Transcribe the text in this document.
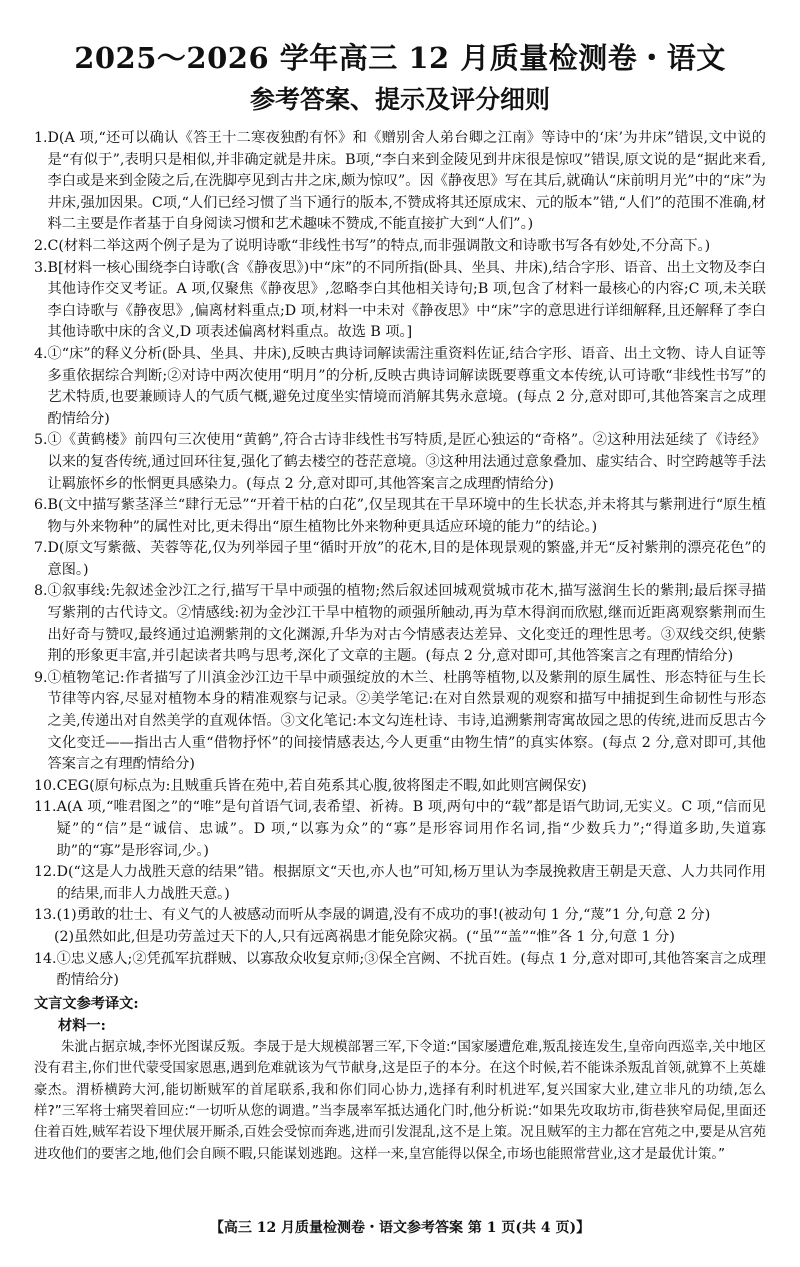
2025～2026 学年高三 12 月质量检测卷・语文
参考答案、提示及评分细则
1. D(A 项,“还可以确认《答王十二寒夜独酌有怀》和《赠别舍人弟台卿之江南》等诗中的‘床’为井床”错误,文中说的是“有似于”,表明只是相似,并非确定就是井床。B项,“李白来到金陵见到井床很是惊叹”错误,原文说的是“据此来看,李白或是来到金陵之后,在洗脚亭见到古井之床,颇为惊叹”。因《静夜思》写在其后,就确认“床前明月光”中的“床”为井床,强加因果。C项,“人们已经习惯了当下通行的版本,不赞成将其还原成宋、元的版本”错,“人们”的范围不准确,材料二主要是作者基于自身阅读习惯和艺术趣味不赞成,不能直接扩大到“人们”。)
2. C(材料二举这两个例子是为了说明诗歌“非线性书写”的特点,而非强调散文和诗歌书写各有妙处,不分高下。)
3. B[材料一核心围绕李白诗歌(含《静夜思》)中“床”的不同所指(卧具、坐具、井床),结合字形、语音、出土文物及李白其他诗作交叉考证。A 项,仅聚焦《静夜思》,忽略李白其他相关诗句;B 项,包含了材料一最核心的内容;C 项,未关联李白诗歌与《静夜思》,偏离材料重点;D 项,材料一中未对《静夜思》中“床”字的意思进行详细解释,且还解释了李白其他诗歌中床的含义,D 项表述偏离材料重点。故选 B 项。]
4. ①“床”的释义分析(卧具、坐具、井床),反映古典诗词解读需注重资料佐证,结合字形、语音、出土文物、诗人自证等多重依据综合判断;②对诗中两次使用“明月”的分析,反映古典诗词解读既要尊重文本传统,认可诗歌“非线性书写”的艺术特质,也要兼顾诗人的气质气概,避免过度坐实情境而消解其隽永意境。(每点 2 分,意对即可,其他答案言之成理酌情给分)
5. ①《黄鹤楼》前四句三次使用“黄鹤”,符合古诗非线性书写特质,是匠心独运的“奇格”。②这种用法延续了《诗经》以来的复沓传统,通过回环往复,强化了鹤去楼空的苍茫意境。③这种用法通过意象叠加、虚实结合、时空跨越等手法让羁旅怀乡的怅惘更具感染力。(每点 2 分,意对即可,其他答案言之成理酌情给分)
6. B(文中描写紫茎泽兰“肆行无忌”“开着干枯的白花”,仅呈现其在干旱环境中的生长状态,并未将其与紫荆进行“原生植物与外来物种”的属性对比,更未得出“原生植物比外来物种更具适应环境的能力”的结论。)
7. D(原文写紫薇、芙蓉等花,仅为列举园子里“循时开放”的花木,目的是体现景观的繁盛,并无“反衬紫荆的漂亮花色”的意图。)
8. ①叙事线:先叙述金沙江之行,描写干旱中顽强的植物;然后叙述回城观赏城市花木,描写滋润生长的紫荆;最后探寻描写紫荆的古代诗文。②情感线:初为金沙江干旱中植物的顽强所触动,再为草木得润而欣慰,继而近距离观察紫荆而生出好奇与赞叹,最终通过追溯紫荆的文化渊源,升华为对古今情感表达差异、文化变迁的理性思考。③双线交织,使紫荆的形象更丰富,并引起读者共鸣与思考,深化了文章的主题。(每点 2 分,意对即可,其他答案言之有理酌情给分)
9. ①植物笔记:作者描写了川滇金沙江边干旱中顽强绽放的木兰、杜鹃等植物,以及紫荆的原生属性、形态特征与生长节律等内容,尽显对植物本身的精准观察与记录。②美学笔记:在对自然景观的观察和描写中捕捉到生命韧性与形态之美,传递出对自然美学的直观体悟。③文化笔记:本文勾连杜诗、韦诗,追溯紫荆寄寓故园之思的传统,进而反思古今文化变迁——指出古人重“借物抒怀”的间接情感表达,今人更重“由物生情”的真实体察。(每点 2 分,意对即可,其他答案言之有理酌情给分)
10. CEG(原句标点为:且贼重兵皆在苑中,若自苑系其心腹,彼将图走不暇,如此则宫阙保安)
11. A(A 项,“唯君图之”的“唯”是句首语气词,表希望、祈祷。B 项,两句中的“载”都是语气助词,无实义。C 项,“信而见疑”的“信”是“诚信、忠诚”。D 项,“以寡为众”的“寡”是形容词用作名词,指“少数兵力”;“得道多助,失道寡助”的“寡”是形容词,少。)
12. D(“这是人力战胜天意的结果”错。根据原文“天也,亦人也”可知,杨万里认为李晟挽救唐王朝是天意、人力共同作用的结果,而非人力战胜天意。)
13. (1)勇敢的壮士、有义气的人被感动而听从李晟的调遣,没有不成功的事!(被动句 1 分,“蔑”1 分,句意 2 分)
(2)虽然如此,但是功劳盖过天下的人,只有远离祸患才能免除灾祸。(“虽”“盖”“惟”各 1 分,句意 1 分)
14. ①忠义感人;②凭孤军抗群贼、以寡敌众收复京师;③保全宫阙、不扰百姓。(每点 1 分,意对即可,其他答案言之成理酌情给分)
文言文参考译文:
材料一:
朱泚占据京城,李怀光图谋反叛。李晟于是大规模部署三军,下令道:“国家屡遭危难,叛乱接连发生,皇帝向西巡幸,关中地区没有君主,你们世代蒙受国家恩惠,遇到危难就该为气节献身,这是臣子的本分。在这个时候,若不能诛杀叛乱首领,就算不上英雄豪杰。渭桥横跨大河,能切断贼军的首尾联系,我和你们同心协力,选择有利时机进军,复兴国家大业,建立非凡的功绩,怎么样?”三军将士痛哭着回应:“一切听从您的调遣。”当李晟率军抵达通化门时,他分析说:“如果先攻取坊市,街巷狭窄局促,里面还住着百姓,贼军若设下埋伏展开厮杀,百姓会受惊而奔逃,进而引发混乱,这不是上策。况且贼军的主力都在宫苑之中,要是从宫苑进攻他们的要害之地,他们会自顾不暇,只能谋划逃跑。这样一来,皇宫能得以保全,市场也能照常营业,这才是最优计策。”
【高三 12 月质量检测卷・语文参考答案 第 1 页(共 4 页)】
